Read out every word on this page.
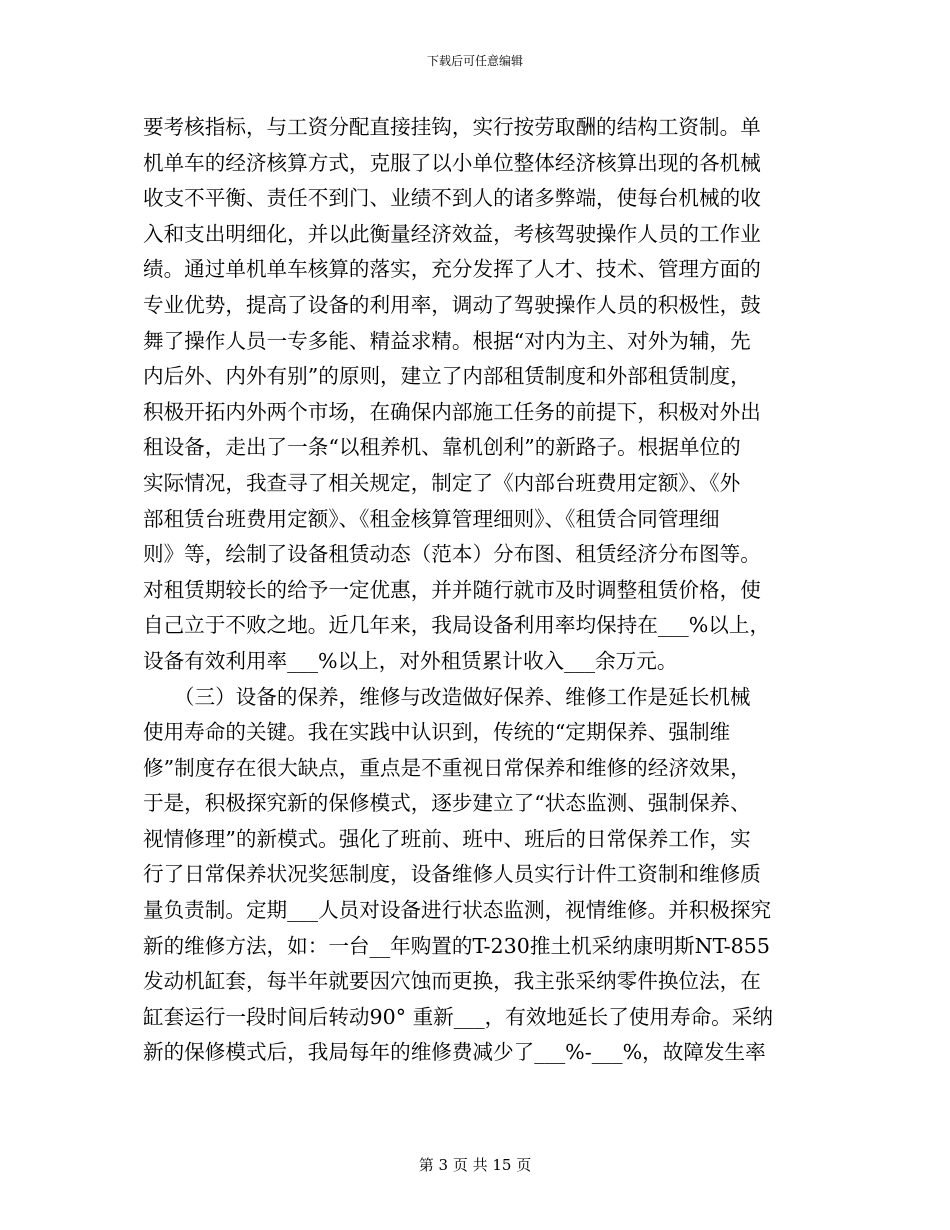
下载后可任意编辑
要考核指标，与工资分配直接挂钩，实行按劳取酬的结构工资制。单
机单车的经济核算方式，克服了以小单位整体经济核算出现的各机械
收支不平衡、责任不到门、业绩不到人的诸多弊端，使每台机械的收
入和支出明细化，并以此衡量经济效益，考核驾驶操作人员的工作业
绩。通过单机单车核算的落实，充分发挥了人才、技术、管理方面的
专业优势，提高了设备的利用率，调动了驾驶操作人员的积极性，鼓
舞了操作人员一专多能、精益求精。根据“对内为主、对外为辅，先
内后外、内外有别”的原则，建立了内部租赁制度和外部租赁制度，
积极开拓内外两个市场，在确保内部施工任务的前提下，积极对外出
租设备，走出了一条“以租养机、靠机创利”的新路子。根据单位的
实际情况，我查寻了相关规定，制定了《内部台班费用定额》、《外
部租赁台班费用定额》、《租金核算管理细则》、《租赁合同管理细
则》等，绘制了设备租赁动态（范本）分布图、租赁经济分布图等。
对租赁期较长的给予一定优惠，并并随行就市及时调整租赁价格，使
自己立于不败之地。近几年来，我局设备利用率均保持在___%以上，
设备有效利用率___%以上，对外租赁累计收入___余万元。
　　（三）设备的保养，维修与改造做好保养、维修工作是延长机械
使用寿命的关键。我在实践中认识到，传统的“定期保养、强制维
修”制度存在很大缺点，重点是不重视日常保养和维修的经济效果，
于是，积极探究新的保修模式，逐步建立了“状态监测、强制保养、
视情修理”的新模式。强化了班前、班中、班后的日常保养工作，实
行了日常保养状况奖惩制度，设备维修人员实行计件工资制和维修质
量负责制。定期___人员对设备进行状态监测，视情维修。并积极探究
新的维修方法，如：一台__年购置的T-230推土机采纳康明斯NT-855
发动机缸套，每半年就要因穴蚀而更换，我主张采纳零件换位法，在
缸套运行一段时间后转动90° 重新___，有效地延长了使用寿命。采纳
新的保修模式后，我局每年的维修费减少了___%-___%，故障发生率
第 3 页 共 15 页
